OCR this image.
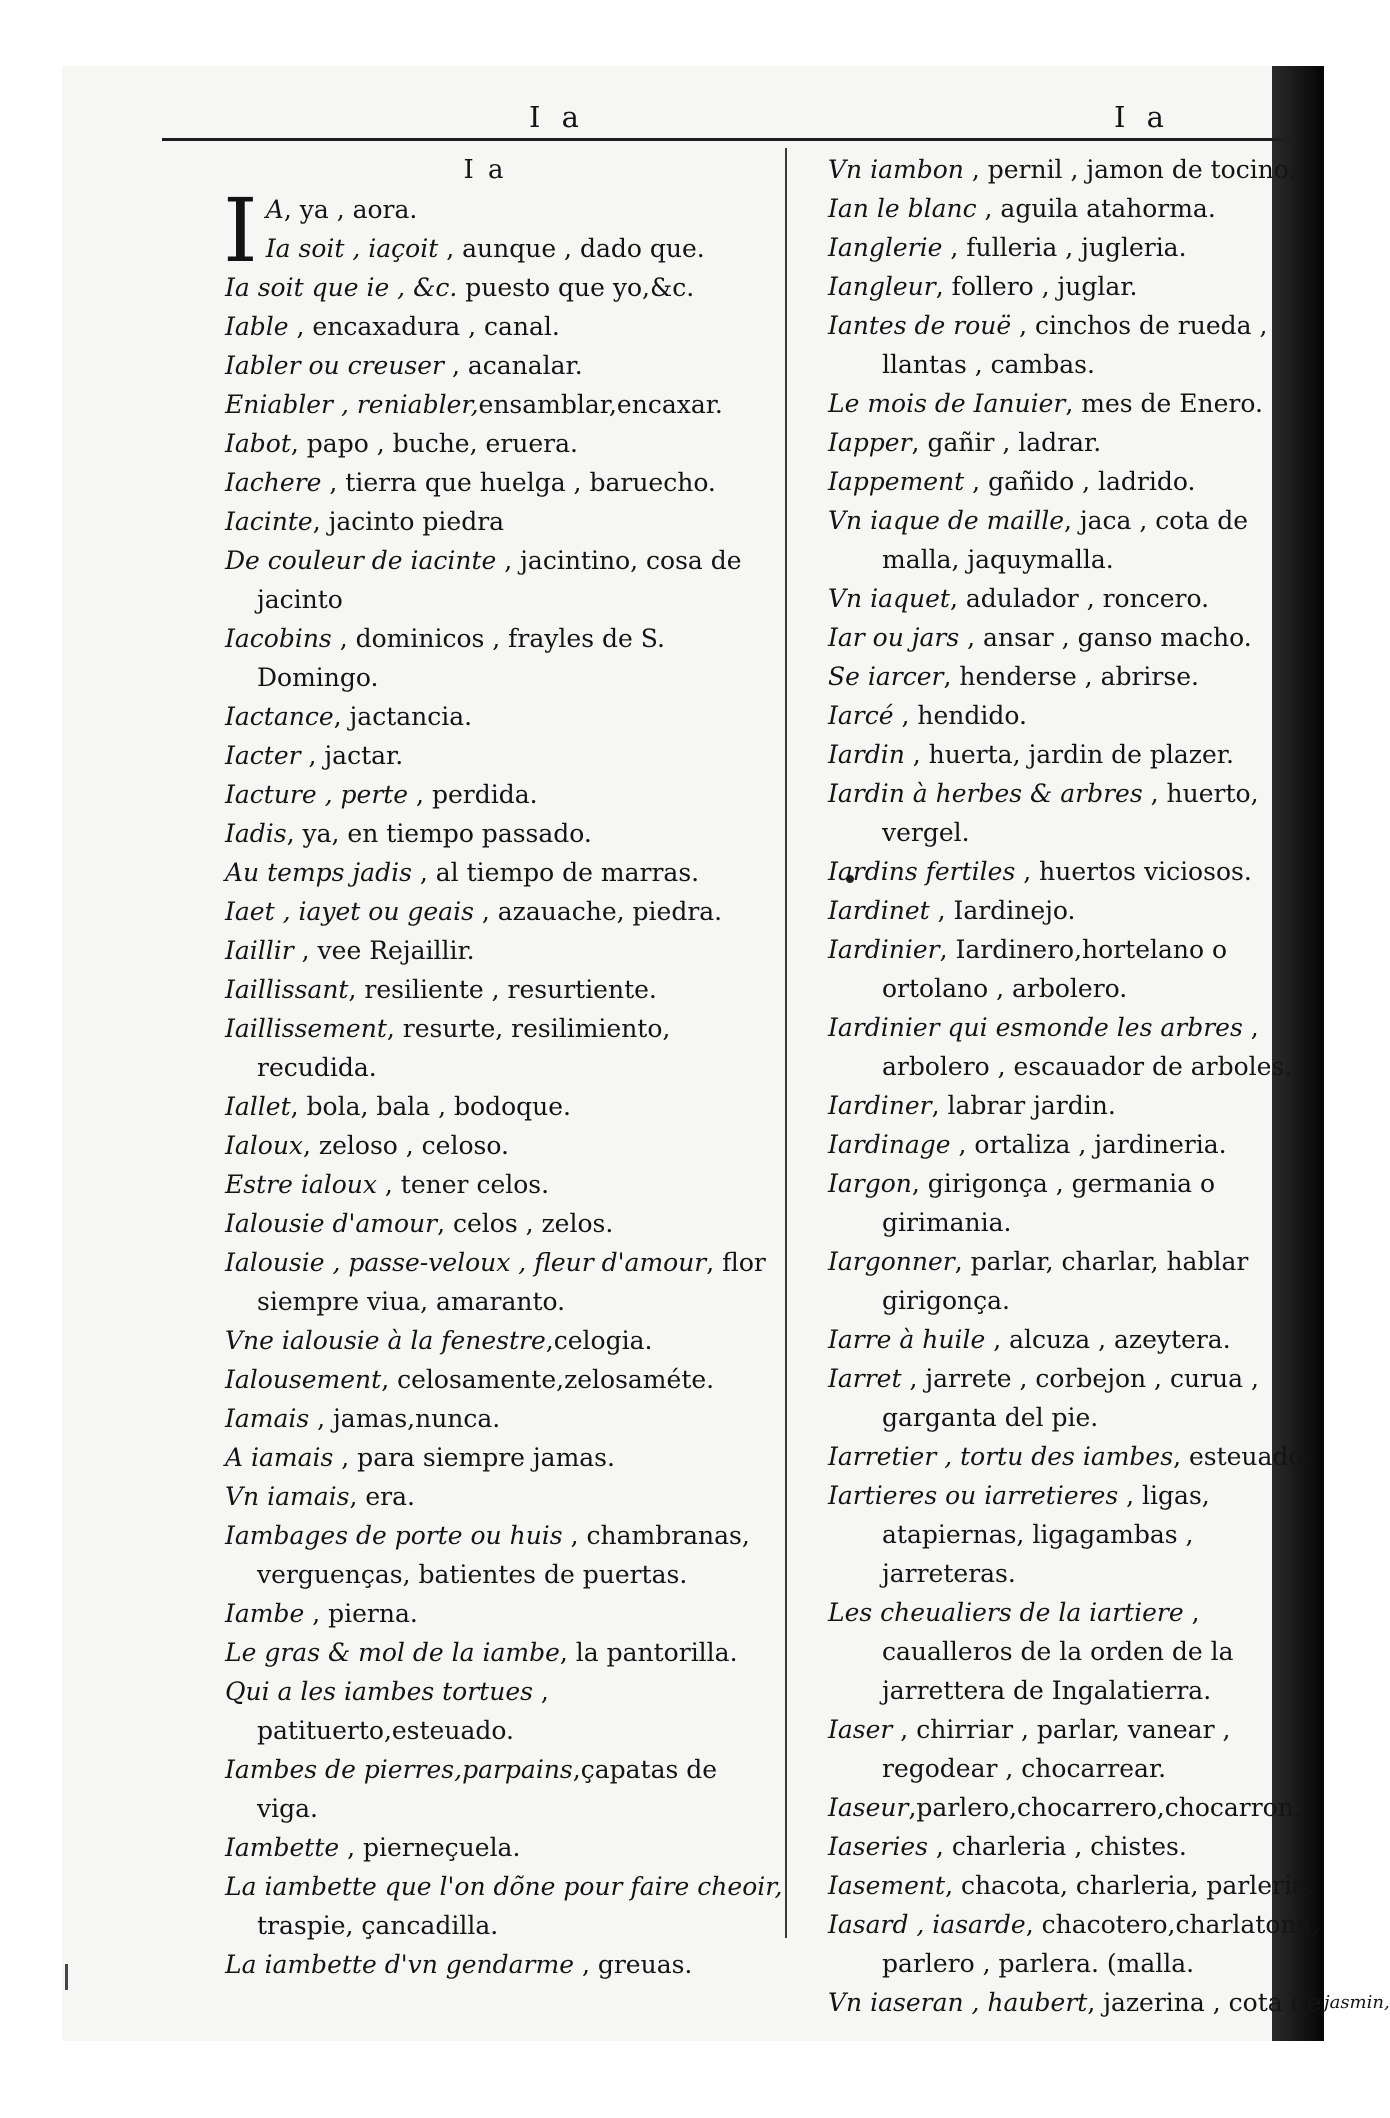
I a	I a
I a
I A, ya , aora.
Ia soit , iaçoit , aunque , dado que.
Ia soit que ie , &c. puesto que yo,&c.
Iable , encaxadura , canal.
Iabler ou creuser , acanalar.
Eniabler , reniabler,ensamblar,encaxar.
Iabot, papo , buche, eruera.
Iachere , tierra que huelga , baruecho.
Iacinte, jacinto piedra
De couleur de iacinte , jacintino, cosa de jacinto
Iacobins , dominicos , frayles de S. Domingo.
Iactance, jactancia.
Iacter , jactar.
Iacture , perte , perdida.
Iadis, ya, en tiempo passado.
Au temps jadis , al tiempo de marras.
Iaet , iayet ou geais , azauache, piedra.
Iaillir , vee Rejaillir.
Iaillissant, resiliente , resurtiente.
Iaillissement, resurte, resilimiento, recudida.
Iallet, bola, bala , bodoque.
Ialoux, zeloso , celoso.
Estre ialoux , tener celos.
Ialousie d'amour, celos , zelos.
Ialousie , passe-veloux , fleur d'amour, flor siempre viua, amaranto.
Vne ialousie à la fenestre,celogia.
Ialousement, celosamente,zelosaméte.
Iamais , jamas,nunca.
A iamais , para siempre jamas.
Vn iamais, era.
Iambages de porte ou huis , chambranas, verguenças, batientes de puertas.
Iambe , pierna.
Le gras & mol de la iambe, la pantorilla.
Qui a les iambes tortues , patituerto,esteuado.
Iambes de pierres,parpains,çapatas de viga.
Iambette , pierneçuela.
La iambette que l'on dõne pour faire cheoir, traspie, çancadilla.
La iambette d'vn gendarme , greuas.
Vn iambon , pernil , jamon de tocino.
Ian le blanc , aguila atahorma.
Ianglerie , fulleria , jugleria.
Iangleur, follero , juglar.
Iantes de rouë , cinchos de rueda , llantas , cambas.
Le mois de Ianuier, mes de Enero.
Iapper, gañir , ladrar.
Iappement , gañido , ladrido.
Vn iaque de maille, jaca , cota de malla, jaquymalla.
Vn iaquet, adulador , roncero.
Iar ou jars , ansar , ganso macho.
Se iarcer, henderse , abrirse.
Iarcé , hendido.
Iardin , huerta, jardin de plazer.
Iardin à herbes & arbres , huerto, vergel.
Iardins fertiles , huertos viciosos.
Iardinet , Iardinejo.
Iardinier, Iardinero,hortelano o ortolano , arbolero.
Iardinier qui esmonde les arbres , arbolero , escauador de arboles.
Iardiner, labrar jardin.
Iardinage , ortaliza , jardineria.
Iargon, girigonça , germania o girimania.
Iargonner, parlar, charlar, hablar girigonça.
Iarre à huile , alcuza , azeytera.
Iarret , jarrete , corbejon , curua , garganta del pie.
Iarretier , tortu des iambes, esteuado.
Iartieres ou iarretieres , ligas, atapiernas, ligagambas , jarreteras.
Les cheualiers de la iartiere , caualleros de la orden de la jarrettera de Ingalatierra.
Iaser , chirriar , parlar, vanear , regodear , chocarrear.
Iaseur,parlero,chocarrero,chocarron.
Iaseries , charleria , chistes.
Iasement, chacota, charleria, parleria.
Iasard , iasarde, chacotero,charlatona, parlero , parlera. (malla.
Vn iaseran , haubert, jazerina , cota de jasmin,
